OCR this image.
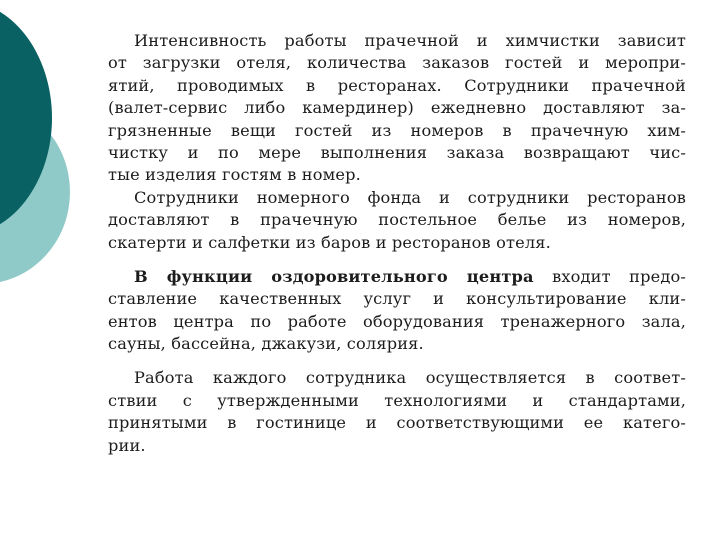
Интенсивность работы прачечной и химчистки зависит
от загрузки отеля, количества заказов гостей и меропри-
ятий, проводимых в ресторанах. Сотрудники прачечной
(валет-сервис либо камердинер) ежедневно доставляют за-
грязненные вещи гостей из номеров в прачечную хим-
чистку и по мере выполнения заказа возвращают чис-
тые изделия гостям в номер.
Сотрудники номерного фонда и сотрудники ресторанов
доставляют в прачечную постельное белье из номеров,
скатерти и салфетки из баров и ресторанов отеля.
В функции оздоровительного центра входит предо-
ставление качественных услуг и консультирование кли-
ентов центра по работе оборудования тренажерного зала,
сауны, бассейна, джакузи, солярия.
Работа каждого сотрудника осуществляется в соответ-
ствии с утвержденными технологиями и стандартами,
принятыми в гостинице и соответствующими ее катего-
рии.
